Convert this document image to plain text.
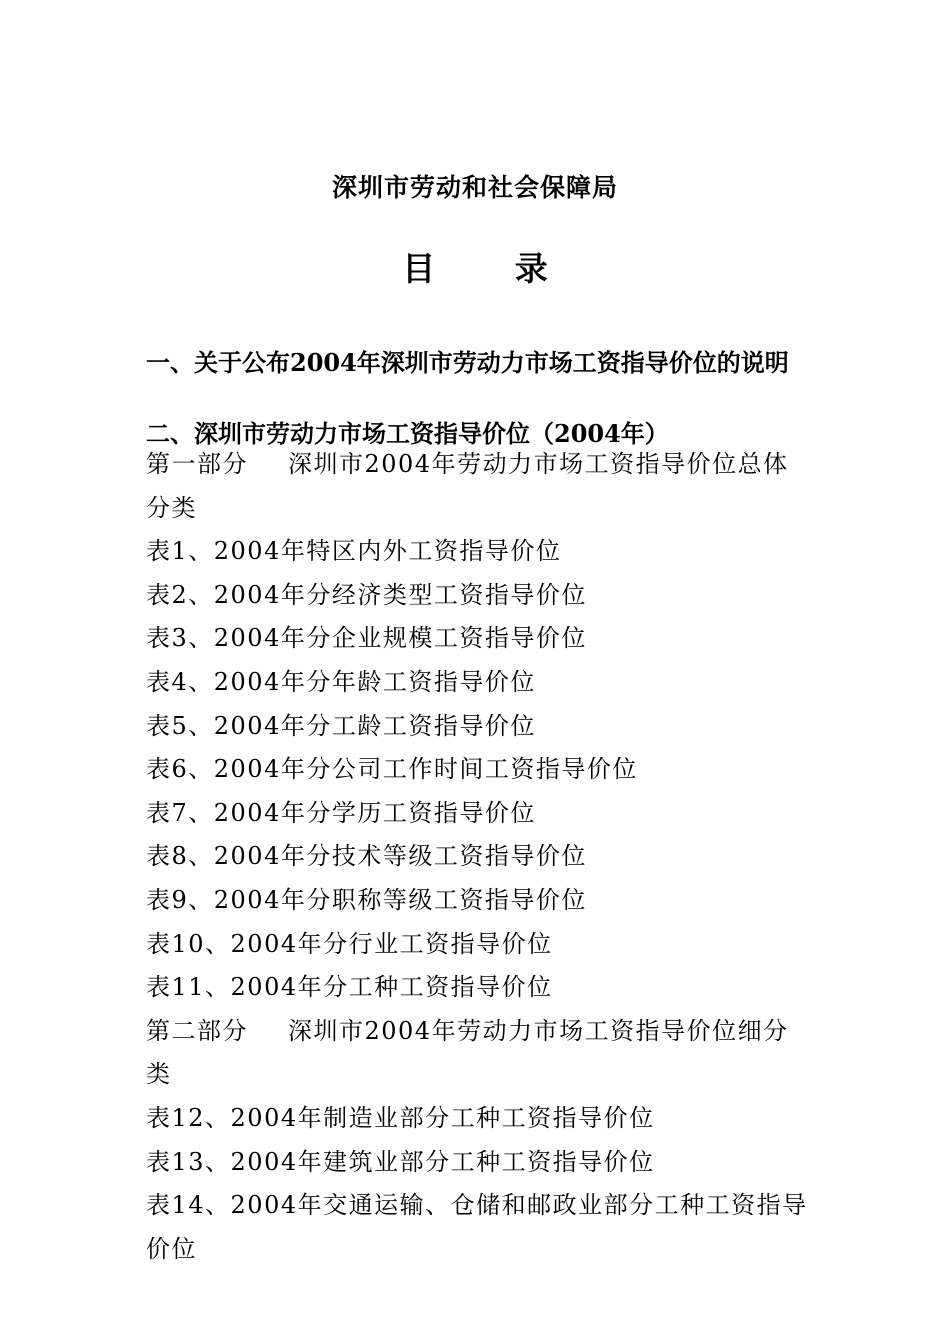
深圳市劳动和社会保障局
目 录
一、关于公布2004年深圳市劳动力市场工资指导价位的说明
二、深圳市劳动力市场工资指导价位（2004年）
第一部分 深圳市2004年劳动力市场工资指导价位总体分类
表1、2004年特区内外工资指导价位
表2、2004年分经济类型工资指导价位
表3、2004年分企业规模工资指导价位
表4、2004年分年龄工资指导价位
表5、2004年分工龄工资指导价位
表6、2004年分公司工作时间工资指导价位
表7、2004年分学历工资指导价位
表8、2004年分技术等级工资指导价位
表9、2004年分职称等级工资指导价位
表10、2004年分行业工资指导价位
表11、2004年分工种工资指导价位
第二部分 深圳市2004年劳动力市场工资指导价位细分类
表12、2004年制造业部分工种工资指导价位
表13、2004年建筑业部分工种工资指导价位
表14、2004年交通运输、仓储和邮政业部分工种工资指导价位
